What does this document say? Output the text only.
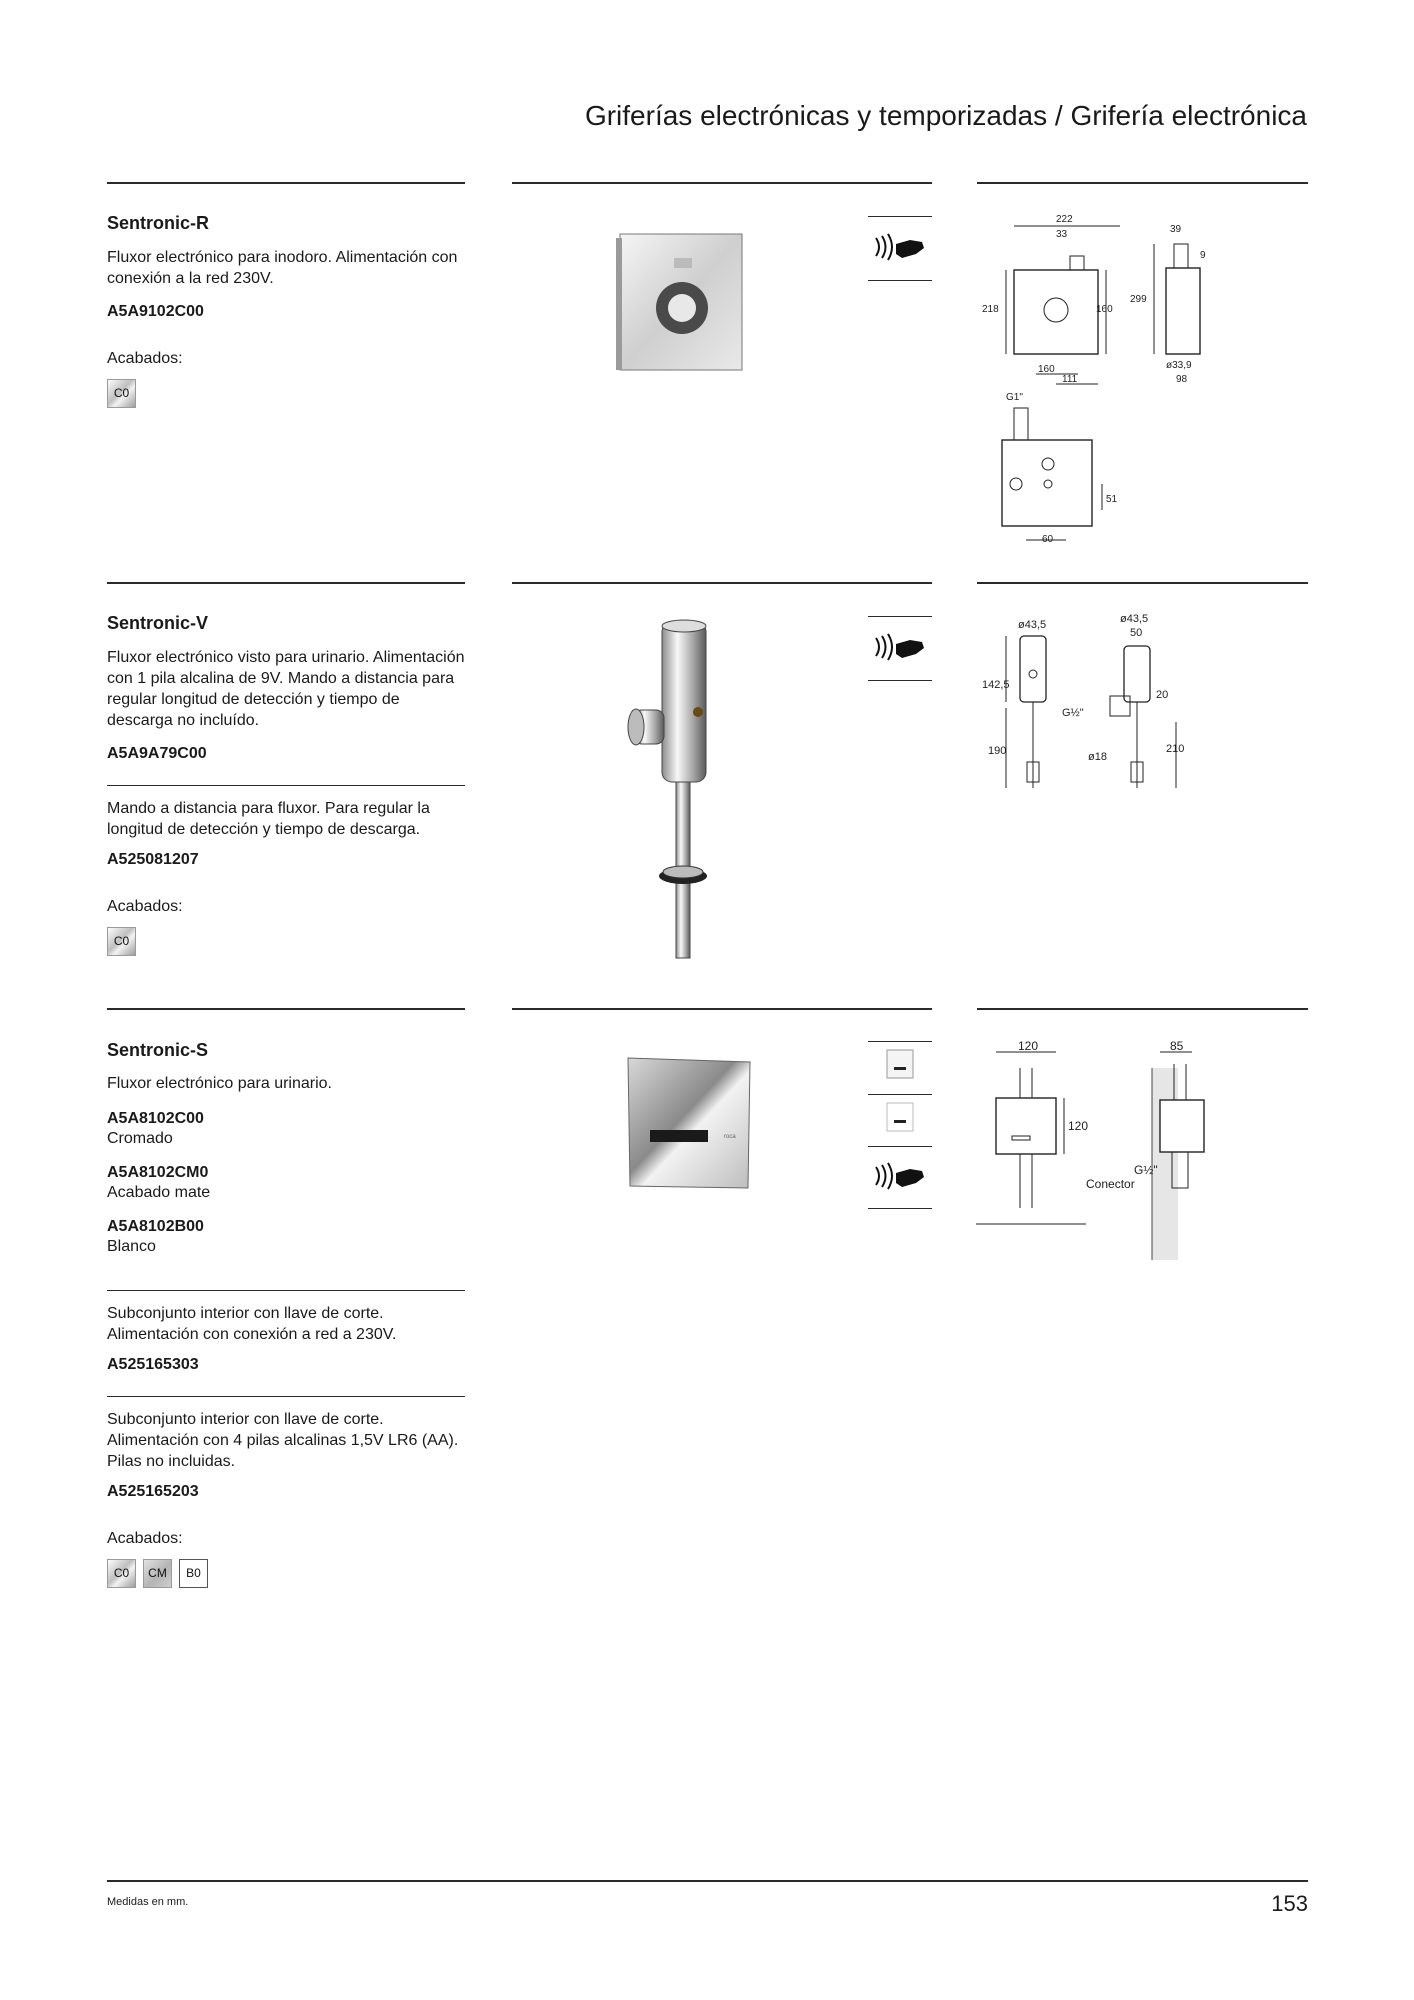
Griferías electrónicas y temporizadas / Grifería electrónica
Sentronic-R
Fluxor electrónico para inodoro. Alimentación con conexión a la red 230V.
A5A9102C00
Acabados:
C0
218
222
33
160
160
111
39
9
299
ø33,9
98
G1"
51
60
Sentronic-V
Fluxor electrónico visto para urinario. Alimentación con 1 pila alcalina de 9V. Mando a distancia para regular longitud de detección y tiempo de descarga no incluído.
A5A9A79C00
Mando a distancia para fluxor. Para regular la longitud de detección y tiempo de descarga.
A525081207
Acabados:
C0
ø43,5
142,5
190
ø43,5
50
G½"
20
ø18
210
Sentronic-S
Fluxor electrónico para urinario.
A5A8102C00
Cromado
A5A8102CM0
Acabado mate
A5A8102B00
Blanco
Subconjunto interior con llave de corte. Alimentación con conexión a red a 230V.
A525165303
Subconjunto interior con llave de corte. Alimentación con 4 pilas alcalinas 1,5V LR6 (AA). Pilas no incluidas.
A525165203
Acabados:
C0	CM	B0
roca
120
120
G½"
Conector
85
Medidas en mm.	153
